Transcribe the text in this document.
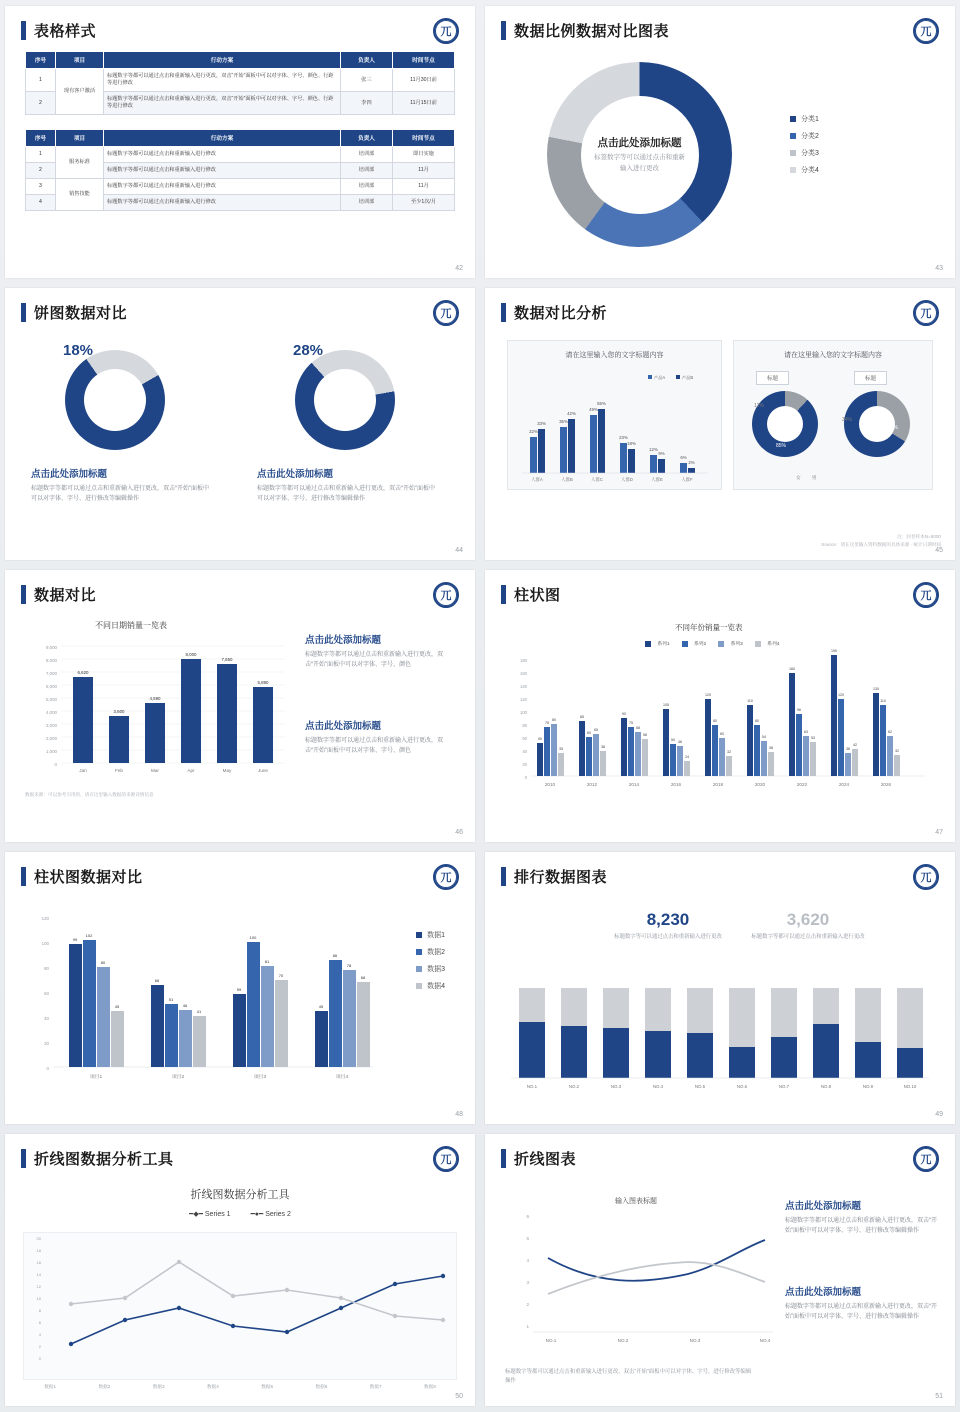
表格样式	兀
序号	项目	行动方案	负责人	时间节点
1	现有客户激活	标题数字等都可以通过点击和重新输入进行更改，双击“开始”面板中可以对字体、字号、颜色、行距等进行修改	张三	11月30日前
2		标题数字等都可以通过点击和重新输入进行更改，双击“开始”面板中可以对字体、字号、颜色、行距等进行修改	李四	11月15日前
序号	项目	行动方案	负责人	时间节点
1	服务标准	标题数字等都可以通过点击和重新输入进行修改	培训部	即日实施
2		标题数字等都可以通过点击和重新输入进行修改	培训部	11月
3	销售技能	标题数字等都可以通过点击和重新输入进行修改	培训部	11月
4		标题数字等都可以通过点击和重新输入进行修改	培训部	至少1次/月
42
数据比例数据对比图表	兀
点击此处添加标题
标签数字等可以通过点击和重新输入进行更改
分类1
分类2
分类3
分类4
43
饼图数据对比	兀
18%
点击此处添加标题
标题数字等都可以通过点击和重新输入进行更改，双击“开始”面板中可以对字体、字号、进行修改等编辑操作
28%
点击此处添加标题
标题数字等都可以通过点击和重新输入进行更改，双击“开始”面板中可以对字体、字号、进行修改等编辑操作
44
数据对比分析	兀
请在这里输入您的文字标题内容
22%
33%	35%
42%
49%
55%
23%
18%
12%
9%
6%
2%
人群A	人群B	人群C	人群D	人群E	人群F
产品A	产品B
请在这里输入您的文字标题内容
标题	标题
12%
85%
34%
65%
女 男
注：问卷样本N=5000
Source：请在这里输入资料数据的具体来源 · 统计日期时间
45
数据对比	兀
不同日期销量一览表
9,000
8,000
7,000
6,000
5,000
4,000
3,000
2,000
1,000
0
6,620
3,600
4,590
8,000
7,650
5,890
Jan	Feb	Mar	Apr	May	June
数据来源：可以参考引用的，请在这里输入数据的来源详情信息
点击此处添加标题
标题数字等都可以通过点击和重新输入进行更改，双击“开始”面板中可以对字体、字号、颜色
点击此处添加标题
标题数字等都可以通过点击和重新输入进行更改，双击“开始”面板中可以对字体、字号、颜色
46
柱状图	兀
不同年份销量一览表
系列1	系列2	系列3	系列4
180
160
140
120
100
80
60
40
20
0
50
75
80
35
85
60
65
38
90
75
68
58
105
50 46
24
120
80
60
32
110
80
54
38
160
96
63
53
190
120
36
42
130
110
62
32
2010	2012	2014	2016	2018	2020	2022	2024	2026
47
柱状图数据对比	兀
120
100
80
60
40
20
0
99
102
80
45
66
51
46
41
59
100
81
70
45
86
78
68
项目1	项目2	项目3	项目4
数据1
数据2
数据3
数据4
48
排行数据图表	兀
8,230
标题数字等可以通过点击和重新输入进行更改
3,620
标题数字等都可以通过点击和重新输入进行更改
NO.1	NO.2	NO.3	NO.4	NO.5	NO.6	NO.7	NO.8	NO.9	NO.10
49
折线图数据分析工具	兀
折线图数据分析工具
━◆━ Series 1	━●━ Series 2
20
18
16
14
12
10
8
6
4
2
0
数据1	数据2	数据3	数据4	数据5	数据6	数据7	数据8
50
折线图表	兀
输入图表标题
6
5
4
3
2
1
NO.1	NO.2	NO.3	NO.4
点击此处添加标题
标题数字等都可以通过点击和重新输入进行更改，双击“开始”面板中可以对字体、字号、进行修改等编辑操作
点击此处添加标题
标题数字等都可以通过点击和重新输入进行更改，双击“开始”面板中可以对字体、字号、进行修改等编辑操作
标题数字等都可以通过点击和重新输入进行更改，双击“开始”面板中可以对字体、字号，进行修改等编辑操作
51
